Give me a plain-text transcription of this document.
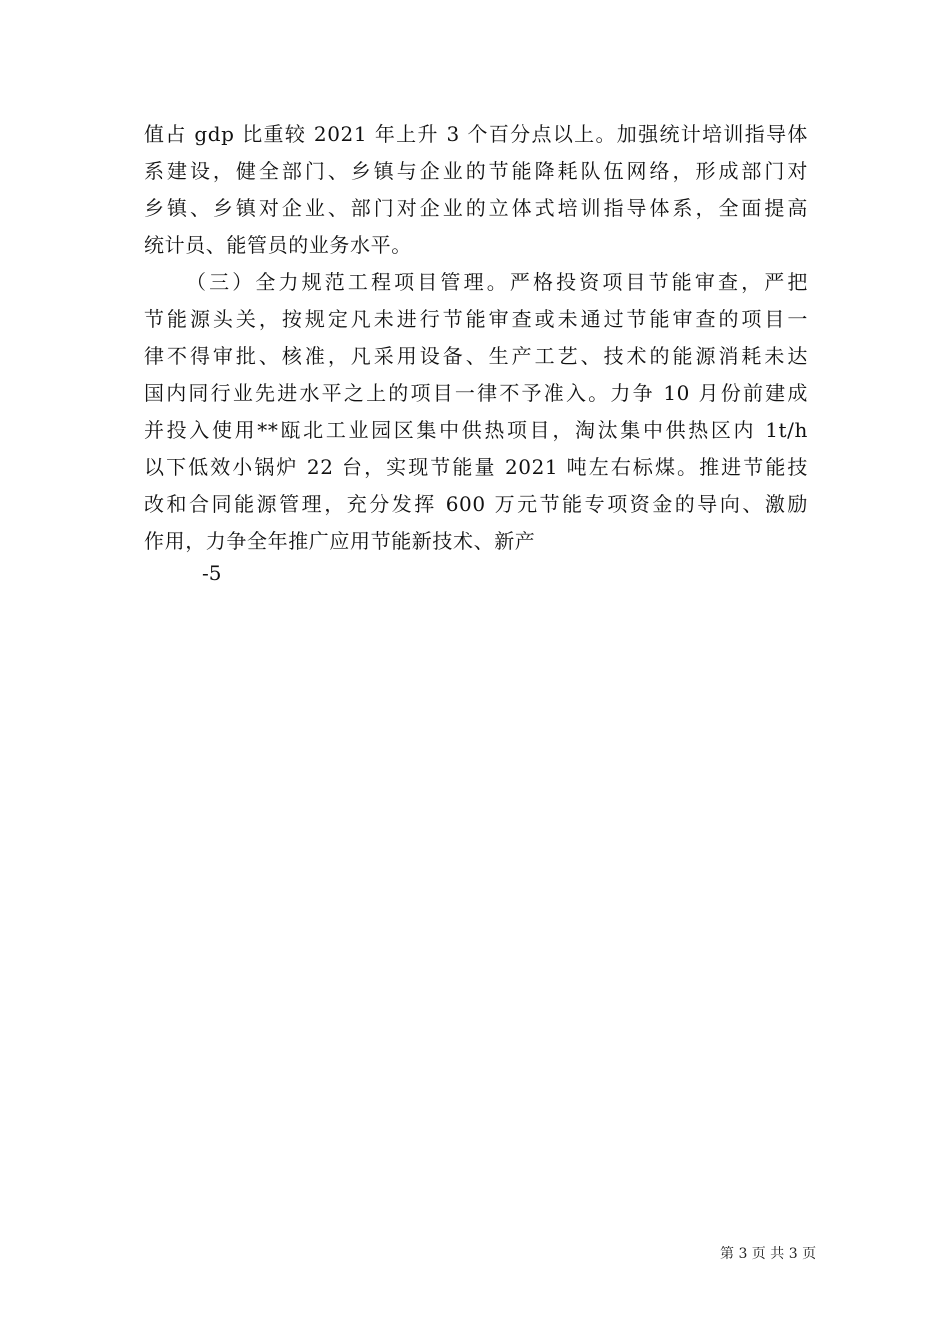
值占 gdp 比重较 2021 年上升 3 个百分点以上。加强统计培训指导体
系建设，健全部门、乡镇与企业的节能降耗队伍网络，形成部门对
乡镇、乡镇对企业、部门对企业的立体式培训指导体系，全面提高
统计员、能管员的业务水平。
（三）全力规范工程项目管理。严格投资项目节能审查，严把
节能源头关，按规定凡未进行节能审查或未通过节能审查的项目一
律不得审批、核准，凡采用设备、生产工艺、技术的能源消耗未达
国内同行业先进水平之上的项目一律不予准入。力争 10 月份前建成
并投入使用**瓯北工业园区集中供热项目，淘汰集中供热区内 1t/h
以下低效小锅炉 22 台，实现节能量 2021 吨左右标煤。推进节能技
改和合同能源管理，充分发挥 600 万元节能专项资金的导向、激励
作用，力争全年推广应用节能新技术、新产
-5
第 3 页 共 3 页
